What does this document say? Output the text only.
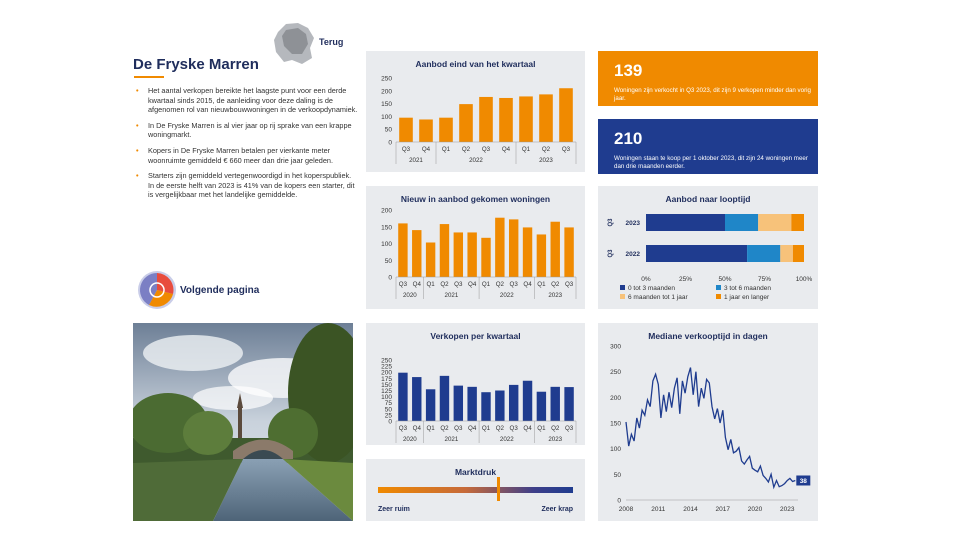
Terug
De Fryske Marren
• Het aantal verkopen bereikte het laagste punt voor een derde kwartaal sinds 2015, de aanleiding voor deze daling is de afgenomen rol van nieuwbouwwoningen in de verkoopdynamiek.
• In De Fryske Marren is al vier jaar op rij sprake van een krappe woningmarkt.
• Kopers in De Fryske Marren betalen per vierkante meter woonruimte gemiddeld € 660 meer dan drie jaar geleden.
• Starters zijn gemiddeld vertegenwoordigd in het koperspubliek. In de eerste helft van 2023 is 41% van de kopers een starter, dit is vergelijkbaar met het landelijke gemiddelde.
Volgende pagina
Aanbod eind van het kwartaal
0
50
100
150
200
250
Q3 Q4 Q1 Q2 Q3 Q4 Q1 Q2 Q3
2021	2022	2023
Nieuw in aanbod gekomen woningen
0
50
100
150
200
Q3 Q4 Q1 Q2 Q3 Q4 Q1 Q2 Q3 Q4 Q1 Q2 Q3
2020	2021	2022	2023
Verkopen per kwartaal
0
25
50
75
100
125
150
175
200
225
250
Q3 Q4 Q1 Q2 Q3 Q4 Q1 Q2 Q3 Q4 Q1 Q2 Q3
2020	2021	2022	2023
Marktdruk
Zeer ruim	Zeer krap
139
Woningen zijn verkocht in Q3 2023, dit zijn 9 verkopen minder dan vorig jaar.
210
Woningen staan te koop per 1 oktober 2023, dit zijn 24 woningen meer dan drie maanden eerder.
Aanbod naar looptijd
2023
Q3
2022
Q3
0%	25%	50%	75%	100%
0 tot 3 maanden	3 tot 6 maanden
6 maanden tot 1 jaar	1 jaar en langer
Mediane verkooptijd in dagen
0
50
100
150
200
250
300
2008	2011	2014	2017	2020	2023
38
